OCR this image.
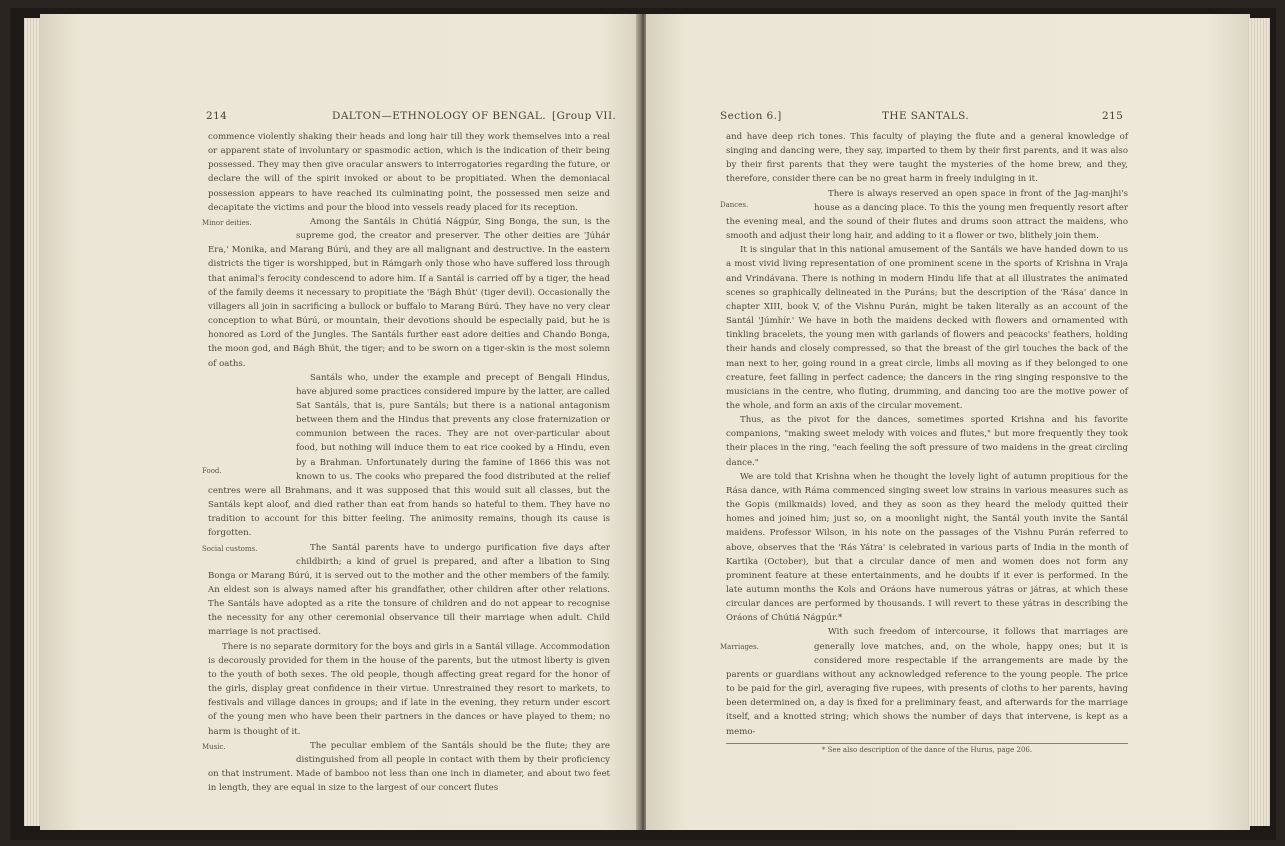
214	DALTON—ETHNOLOGY OF BENGAL. [Group VII.

commence violently shaking their heads and long hair till they work themselves into a real or apparent state of involuntary or spasmodic action, which is the indication of their being possessed. They may then give oracular answers to interrogatories regarding the future, or declare the will of the spirit invoked or about to be propitiated. When the demoniacal possession appears to have reached its culminating point, the possessed men seize and decapitate the victims and pour the blood into vessels ready placed for its reception.

Minor deities.	Among the Santáls in Chútiá Nágpúr, Sing Bonga, the sun, is the supreme god, the creator and preserver. The other deities are 'Júhár Era,' Monika, and Marang Búrú, and they are all malignant and destructive. In the eastern districts the tiger is worshipped, but in Rámgarh only those who have suffered loss through that animal's ferocity condescend to adore him. If a Santál is carried off by a tiger, the head of the family deems it necessary to propitiate the 'Bágh Bhút' (tiger devil). Occasionally the villagers all join in sacrificing a bullock or buffalo to Marang Búrú. They have no very clear conception to what Búrú, or mountain, their devotions should be especially paid, but he is honored as Lord of the Jungles. The Santáls further east adore deities and Chando Bonga, the moon god, and Bágh Bhút, the tiger; and to be sworn on a tiger-skin is the most solemn of oaths.

Food.
Santáls who, under the example and precept of Bengali Hindus, have abjured some practices considered impure by the latter, are called Sat Santáls, that is, pure Santáls; but there is a national antagonism between them and the Hindus that prevents any close fraternization or communion between the races. They are not over-particular about food, but nothing will induce them to eat rice cooked by a Hindu, even by a Brahman. Unfortunately during the famine of 1866 this was not known to us. The cooks who prepared the food distributed at the relief centres were all Brahmans, and it was supposed that this would suit all classes, but the Santáls kept aloof, and died rather than eat from hands so hateful to them. They have no tradition to account for this bitter feeling. The animosity remains, though its cause is forgotten.

Social customs.	The Santál parents have to undergo purification five days after childbirth; a kind of gruel is prepared, and after a libation to Sing Bonga or Marang Búrú, it is served out to the mother and the other members of the family. An eldest son is always named after his grandfather, other children after other relations. The Santáls have adopted as a rite the tonsure of children and do not appear to recognise the necessity for any other ceremonial observance till their marriage when adult. Child marriage is not practised.

There is no separate dormitory for the boys and girls in a Santál village. Accommodation is decorously provided for them in the house of the parents, but the utmost liberty is given to the youth of both sexes. The old people, though affecting great regard for the honor of the girls, display great confidence in their virtue. Unrestrained they resort to markets, to festivals and village dances in groups; and if late in the evening, they return under escort of the young men who have been their partners in the dances or have played to them; no harm is thought of it.

Music.	The peculiar emblem of the Santáls should be the flute; they are distinguished from all people in contact with them by their proficiency on that instrument. Made of bamboo not less than one inch in diameter, and about two feet in length, they are equal in size to the largest of our concert flutes

Section 6.]	THE SANTALS.	215

and have deep rich tones. This faculty of playing the flute and a general knowledge of singing and dancing were, they say, imparted to them by their first parents, and it was also by their first parents that they were taught the mysteries of the home brew, and they, therefore, consider there can be no great harm in freely indulging in it.

Dances.
There is always reserved an open space in front of the Jag-manjhi's house as a dancing place. To this the young men frequently resort after the evening meal, and the sound of their flutes and drums soon attract the maidens, who smooth and adjust their long hair, and adding to it a flower or two, blithely join them.

It is singular that in this national amusement of the Santáls we have handed down to us a most vivid living representation of one prominent scene in the sports of Krishna in Vraja and Vrindávana. There is nothing in modern Hindu life that at all illustrates the animated scenes so graphically delineated in the Puráns; but the description of the 'Rása' dance in chapter XIII, book V, of the Vishnu Purán, might be taken literally as an account of the Santál 'Júmhír.' We have in both the maidens decked with flowers and ornamented with tinkling bracelets, the young men with garlands of flowers and peacocks' feathers, holding their hands and closely compressed, so that the breast of the girl touches the back of the man next to her, going round in a great circle, limbs all moving as if they belonged to one creature, feet falling in perfect cadence; the dancers in the ring singing responsive to the musicians in the centre, who fluting, drumming, and dancing too are the motive power of the whole, and form an axis of the circular movement.

Thus, as the pivot for the dances, sometimes sported Krishna and his favorite companions, "making sweet melody with voices and flutes," but more frequently they took their places in the ring, "each feeling the soft pressure of two maidens in the great circling dance."

We are told that Krishna when he thought the lovely light of autumn propitious for the Rása dance, with Ráma commenced singing sweet low strains in various measures such as the Gopis (milkmaids) loved, and they as soon as they heard the melody quitted their homes and joined him; just so, on a moonlight night, the Santál youth invite the Santál maidens. Professor Wilson, in his note on the passages of the Vishnu Purán referred to above, observes that the 'Rás Yátra' is celebrated in various parts of India in the month of Kartika (October), but that a circular dance of men and women does not form any prominent feature at these entertainments, and he doubts if it ever is performed. In the late autumn months the Kols and Oráons have numerous yátras or játras, at which these circular dances are performed by thousands. I will revert to these yátras in describing the Oráons of Chútiá Nágpúr.*

Marriages.
With such freedom of intercourse, it follows that marriages are generally love matches, and, on the whole, happy ones; but it is considered more respectable if the arrangements are made by the parents or guardians without any acknowledged reference to the young people. The price to be paid for the girl, averaging five rupees, with presents of cloths to her parents, having been determined on, a day is fixed for a preliminary feast, and afterwards for the marriage itself, and a knotted string; which shows the number of days that intervene, is kept as a memo-

* See also description of the dance of the Hurus, page 206.
